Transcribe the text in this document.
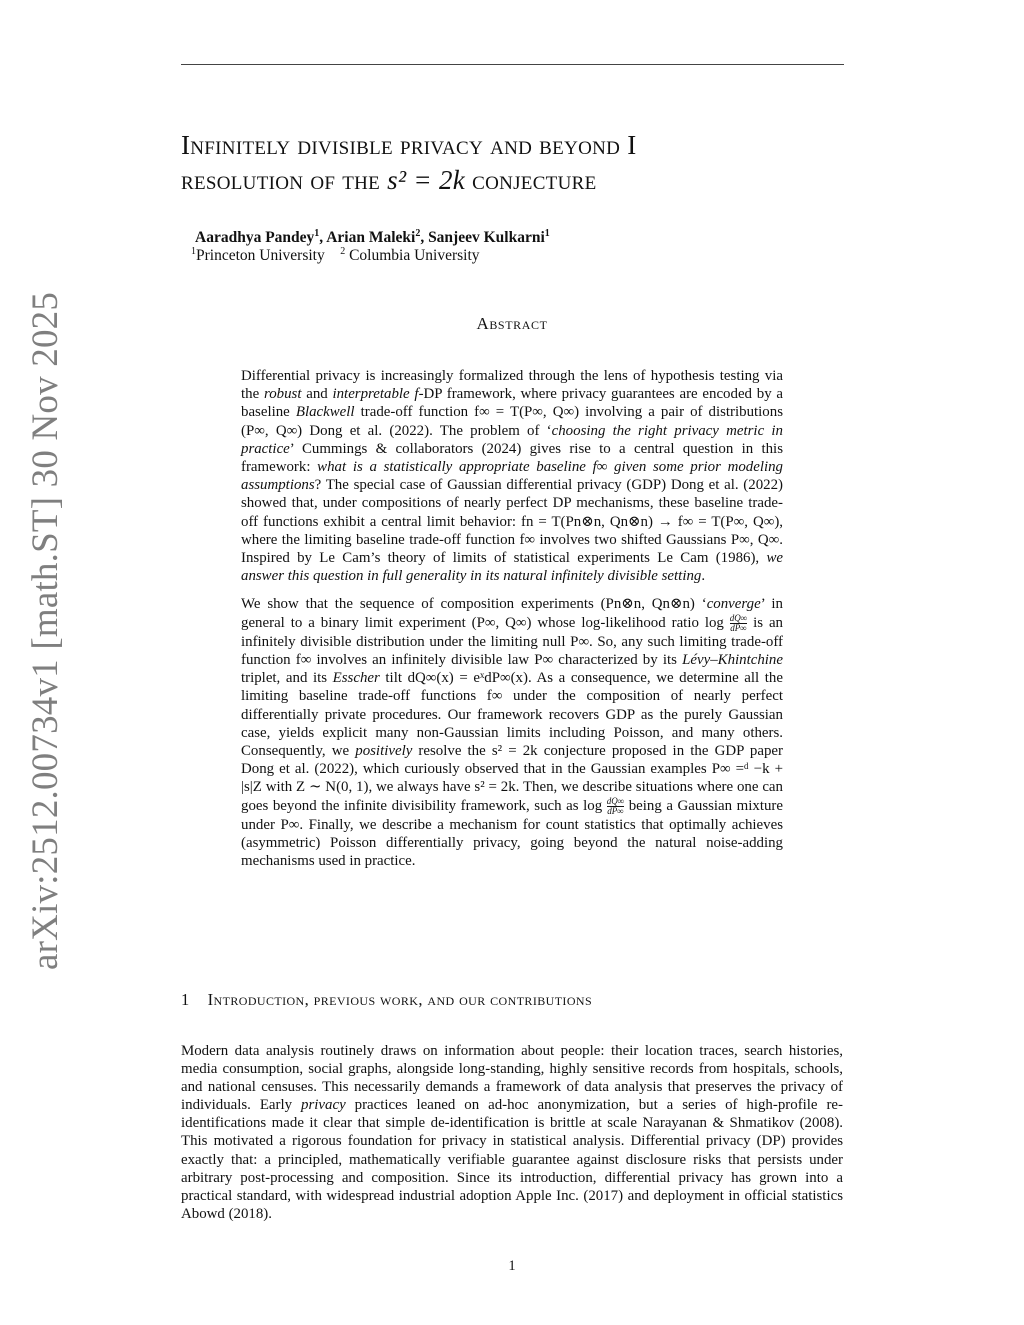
arXiv:2512.00734v1 [math.ST] 30 Nov 2025
Infinitely divisible privacy and beyond I
resolution of the s² = 2k conjecture
Aaradhya Pandey$^1$, Arian Maleki$^2$, Sanjeev Kulkarni$^1$
$^1$Princeton University $^2$ Columbia University
Abstract

Differential privacy is increasingly formalized through the lens of hypothesis testing via the robust and interpretable f-DP framework, where privacy guarantees are encoded by a baseline Blackwell trade-off function f∞ = T(P∞, Q∞) involving a pair of distributions (P∞, Q∞) Dong et al. (2022). The problem of ‘choosing the right privacy metric in practice’ Cummings & collaborators (2024) gives rise to a central question in this framework: what is a statistically appropriate baseline f∞ given some prior modeling assumptions? The special case of Gaussian differential privacy (GDP) Dong et al. (2022) showed that, under compositions of nearly perfect DP mechanisms, these baseline trade-off functions exhibit a central limit behavior: fn = T(Pn⊗n, Qn⊗n) → f∞ = T(P∞, Q∞), where the limiting baseline trade-off function f∞ involves two shifted Gaussians P∞, Q∞. Inspired by Le Cam’s theory of limits of statistical experiments Le Cam (1986), we answer this question in full generality in its natural infinitely divisible setting.

We show that the sequence of composition experiments (Pn⊗n, Qn⊗n) ‘converge’ in general to a binary limit experiment (P∞, Q∞) whose log-likelihood ratio $\log \frac{dQ\infty}{dP\infty}$ is an infinitely divisible distribution under the limiting null P∞. So, any such limiting trade-off function f∞ involves an infinitely divisible law P∞ characterized by its Lévy–Khintchine triplet, and its Esscher tilt dQ∞(x) = eˣdP∞(x). As a consequence, we determine all the limiting baseline trade-off functions f∞ under the composition of nearly perfect differentially private procedures. Our framework recovers GDP as the purely Gaussian case, yields explicit many non-Gaussian limits including Poisson, and many others. Consequently, we positively resolve the s² = 2k conjecture proposed in the GDP paper Dong et al. (2022), which curiously observed that in the Gaussian examples P∞ =ᵈ −k + |s|Z with Z ∼ N(0, 1), we always have s² = 2k. Then, we describe situations where one can goes beyond the infinite divisibility framework, such as $\log \frac{dQ\infty}{dP\infty}$ being a Gaussian mixture under P∞. Finally, we describe a mechanism for count statistics that optimally achieves (asymmetric) Poisson differentially privacy, going beyond the natural noise-adding mechanisms used in practice.

1 Introduction, previous work, and our contributions

Modern data analysis routinely draws on information about people: their location traces, search histories, media consumption, social graphs, alongside long-standing, highly sensitive records from hospitals, schools, and national censuses. This necessarily demands a framework of data analysis that preserves the privacy of individuals. Early privacy practices leaned on ad-hoc anonymization, but a series of high-profile re-identifications made it clear that simple de-identification is brittle at scale Narayanan & Shmatikov (2008). This motivated a rigorous foundation for privacy in statistical analysis. Differential privacy (DP) provides exactly that: a principled, mathematically verifiable guarantee against disclosure risks that persists under arbitrary post-processing and composition. Since its introduction, differential privacy has grown into a practical standard, with widespread industrial adoption Apple Inc. (2017) and deployment in official statistics Abowd (2018).

1
